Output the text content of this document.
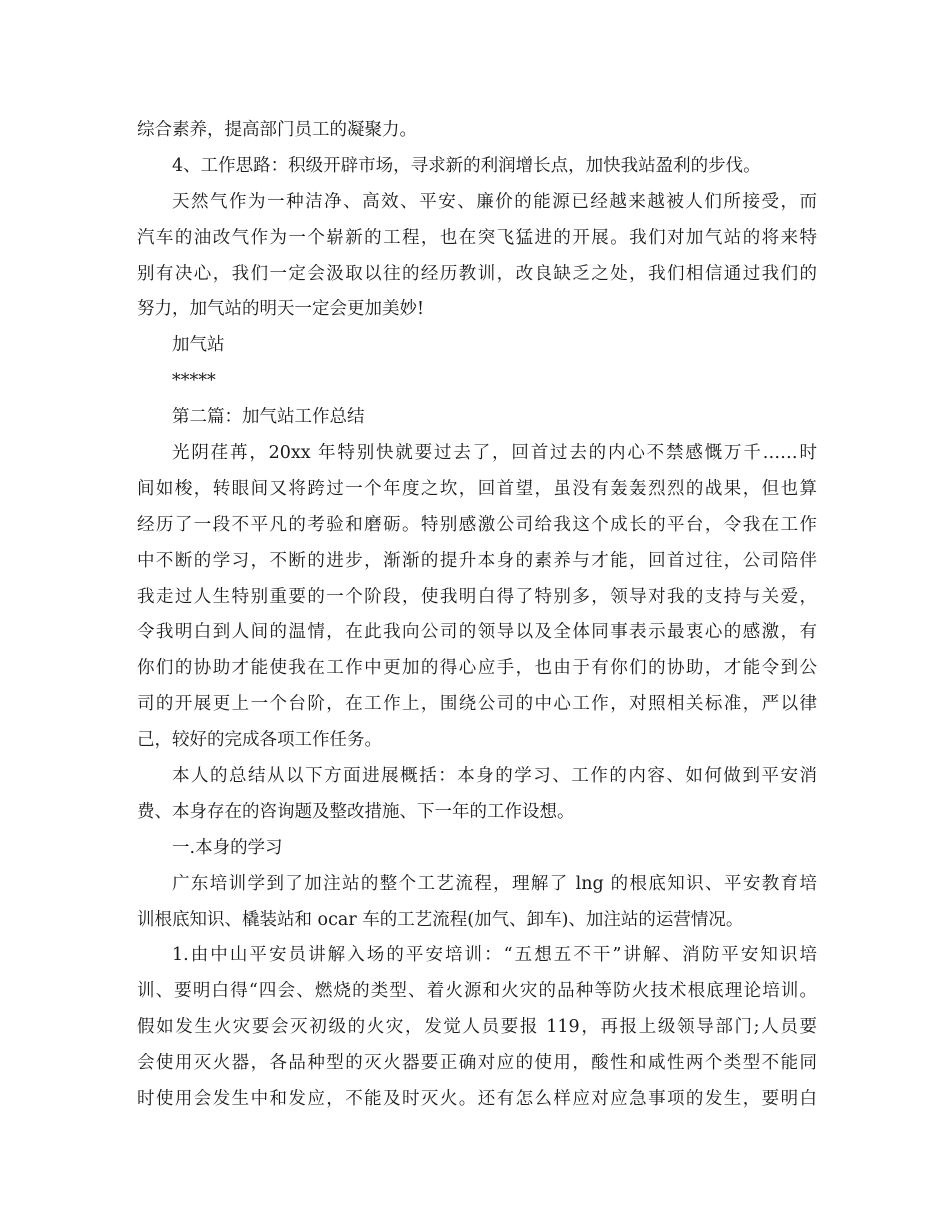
综合素养，提高部门员工的凝聚力。
4、工作思路：积级开辟市场，寻求新的利润增长点，加快我站盈利的步伐。
天然气作为一种洁净、高效、平安、廉价的能源已经越来越被人们所接受，而
汽车的油改气作为一个崭新的工程，也在突飞猛进的开展。我们对加气站的将来特
别有决心，我们一定会汲取以往的经历教训，改良缺乏之处，我们相信通过我们的
努力，加气站的明天一定会更加美妙!
加气站
*****
第二篇：加气站工作总结
光阴荏苒，20xx 年特别快就要过去了，回首过去的内心不禁感慨万千……时
间如梭，转眼间又将跨过一个年度之坎，回首望，虽没有轰轰烈烈的战果，但也算
经历了一段不平凡的考验和磨砺。特别感激公司给我这个成长的平台，令我在工作
中不断的学习，不断的进步，渐渐的提升本身的素养与才能，回首过往，公司陪伴
我走过人生特别重要的一个阶段，使我明白得了特别多，领导对我的支持与关爱，
令我明白到人间的温情，在此我向公司的领导以及全体同事表示最衷心的感激，有
你们的协助才能使我在工作中更加的得心应手，也由于有你们的协助，才能令到公
司的开展更上一个台阶，在工作上，围绕公司的中心工作，对照相关标准，严以律
己，较好的完成各项工作任务。
本人的总结从以下方面进展概括：本身的学习、工作的内容、如何做到平安消
费、本身存在的咨询题及整改措施、下一年的工作设想。
一.本身的学习
广东培训学到了加注站的整个工艺流程，理解了 lng 的根底知识、平安教育培
训根底知识、橇装站和 ocar 车的工艺流程(加气、卸车)、加注站的运营情况。
1.由中山平安员讲解入场的平安培训：“五想五不干”讲解、消防平安知识培
训、要明白得“四会、燃烧的类型、着火源和火灾的品种等防火技术根底理论培训。
假如发生火灾要会灭初级的火灾，发觉人员要报 119，再报上级领导部门;人员要
会使用灭火器，各品种型的灭火器要正确对应的使用，酸性和咸性两个类型不能同
时使用会发生中和发应，不能及时灭火。还有怎么样应对应急事项的发生，要明白
